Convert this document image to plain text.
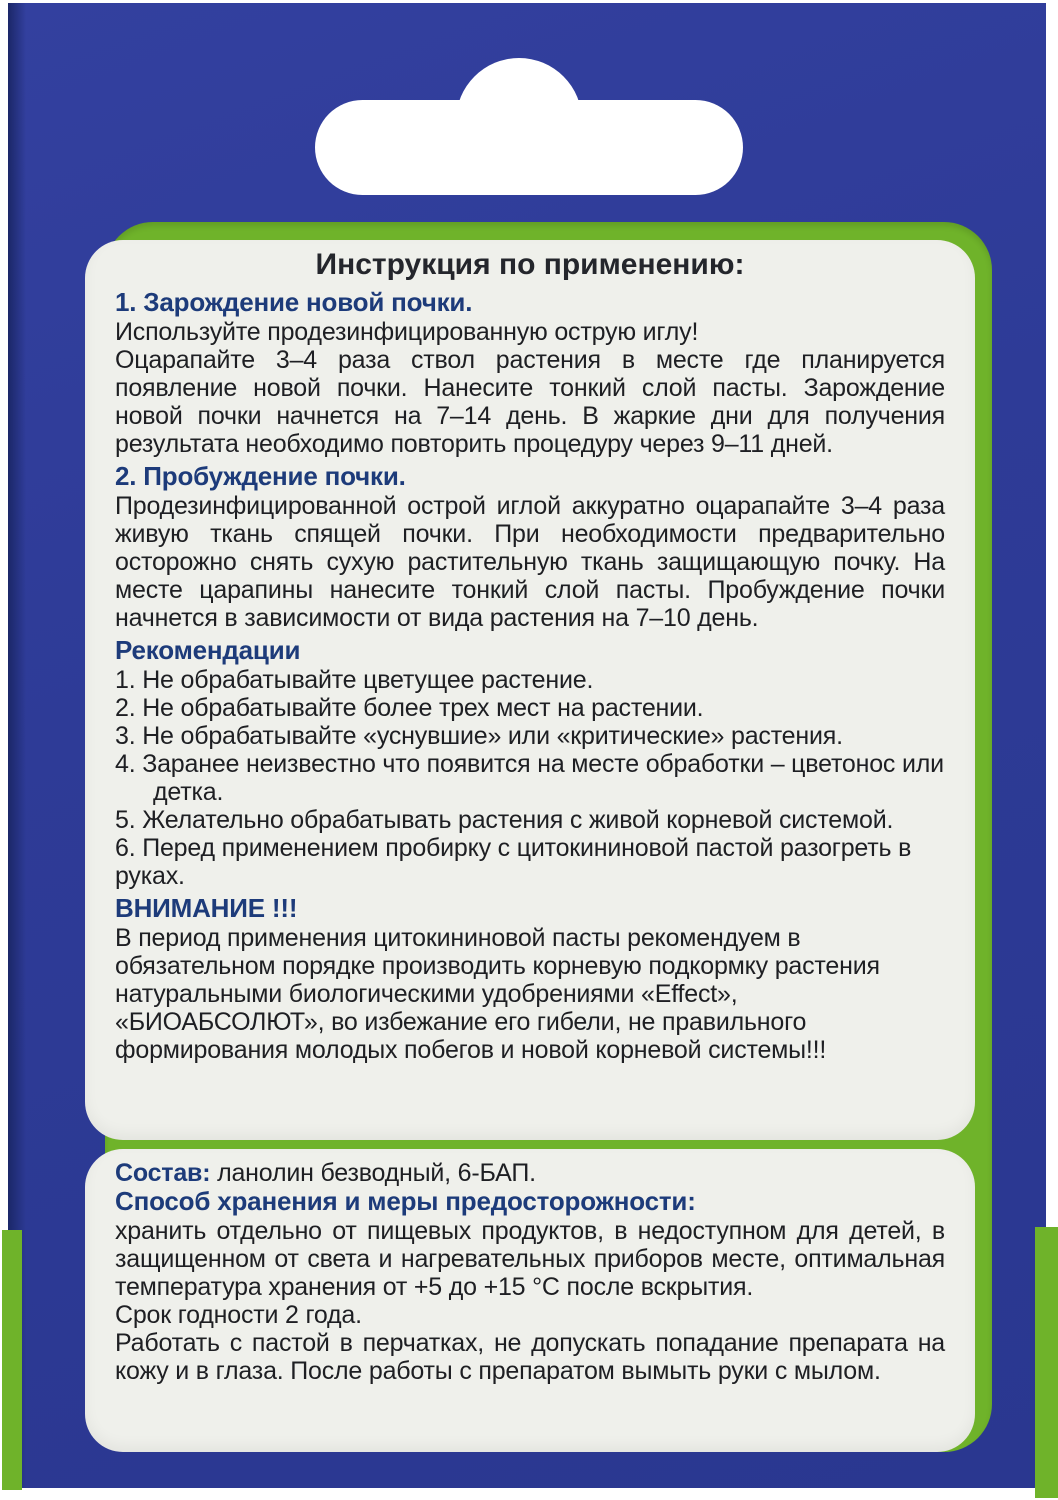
Инструкция по применению:
1. Зарождение новой почки.

Используйте продезинфицированную острую иглу!

Оцарапайте 3–4 раза ствол растения в месте где планируется появление новой почки. Нанесите тонкий слой пасты. Зарождение новой почки начнется на 7–14 день. В жаркие дни для получения результата необходимо повторить процедуру через 9–11 дней.

2. Пробуждение почки.

Продезинфицированной острой иглой аккуратно оцарапайте 3–4 раза живую ткань спящей почки. При необходимости предварительно осторожно снять сухую растительную ткань защищающую почку. На месте царапины нанесите тонкий слой пасты. Пробуждение почки начнется в зависимости от вида растения на 7–10 день.

Рекомендации
1. Не обрабатывайте цветущее растение.
2. Не обрабатывайте более трех мест на растении.
3. Не обрабатывайте «уснувшие» или «критические» растения.
4. Заранее неизвестно что появится на месте обработки – цветонос или детка.
5. Желательно обрабатывать растения с живой корневой системой.
6. Перед применением пробирку с цитокининовой пастой разогреть в руках.
ВНИМАНИЕ !!!

В период применения цитокининовой пасты рекомендуем в обязательном порядке производить корневую подкормку растения натуральными биологическими удобрениями «Effect», «БИОАБСОЛЮТ», во избежание его гибели, не правильного формирования молодых побегов и новой корневой системы!!!

Состав: ланолин безводный, 6-БАП.

Способ хранения и меры предосторожности:

хранить отдельно от пищевых продуктов, в недоступном для детей, в защищенном от света и нагревательных приборов месте, оптимальная температура хранения от +5 до +15 °C после вскрытия.

Срок годности 2 года.

Работать с пастой в перчатках, не допускать попадание препарата на кожу и в глаза. После работы с препаратом вымыть руки с мылом.
